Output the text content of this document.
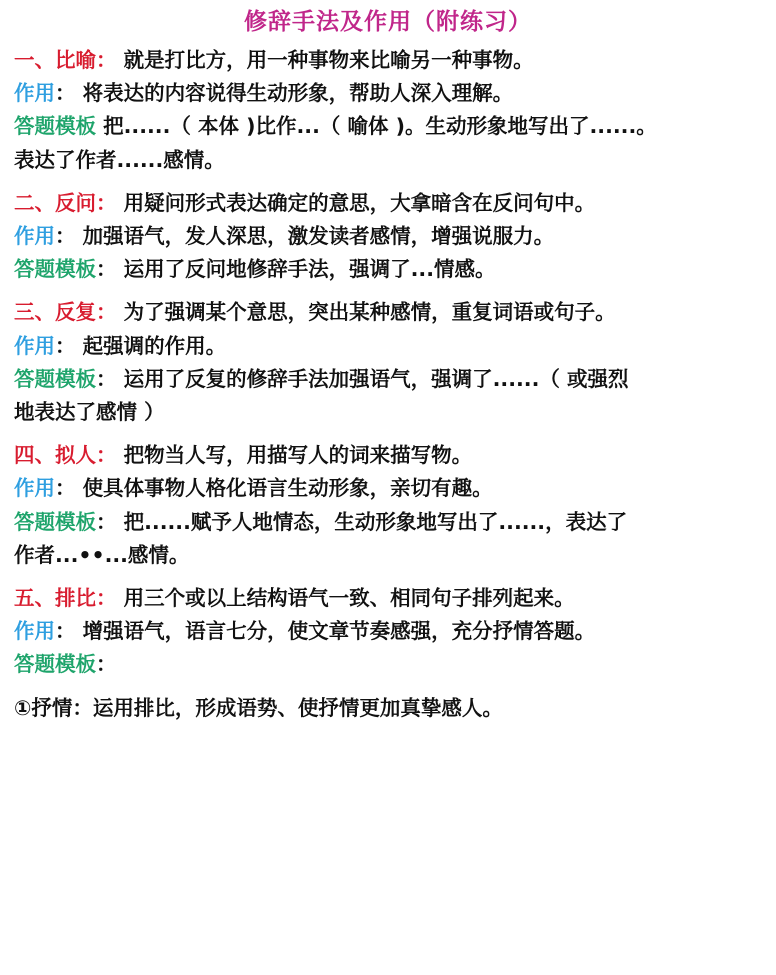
修辞手法及作用（附练习）
一、比喻： 就是打比方，用一种事物来比喻另一种事物。
作用： 将表达的内容说得生动形象，帮助人深入理解。
答题模板 把......（ 本体 )比作...（ 喻体 )。生动形象地写出了......。
表达了作者......感情。
二、反问： 用疑问形式表达确定的意思，大拿暗含在反问句中。
作用： 加强语气，发人深思，激发读者感情，增强说服力。
答题模板： 运用了反问地修辞手法，强调了...情感。
三、反复： 为了强调某个意思，突出某种感情，重复词语或句子。
作用： 起强调的作用。
答题模板： 运用了反复的修辞手法加强语气，强调了......（ 或强烈
地表达了感情 ）
四、拟人： 把物当人写，用描写人的词来描写物。
作用： 使具体事物人格化语言生动形象，亲切有趣。
答题模板： 把......赋予人地情态，生动形象地写出了......，表达了
作者...••...感情。
五、排比： 用三个或以上结构语气一致、相同句子排列起来。
作用： 增强语气，语言七分，使文章节奏感强，充分抒情答题。
答题模板：
①抒情：运用排比，形成语势、使抒情更加真挚感人。
